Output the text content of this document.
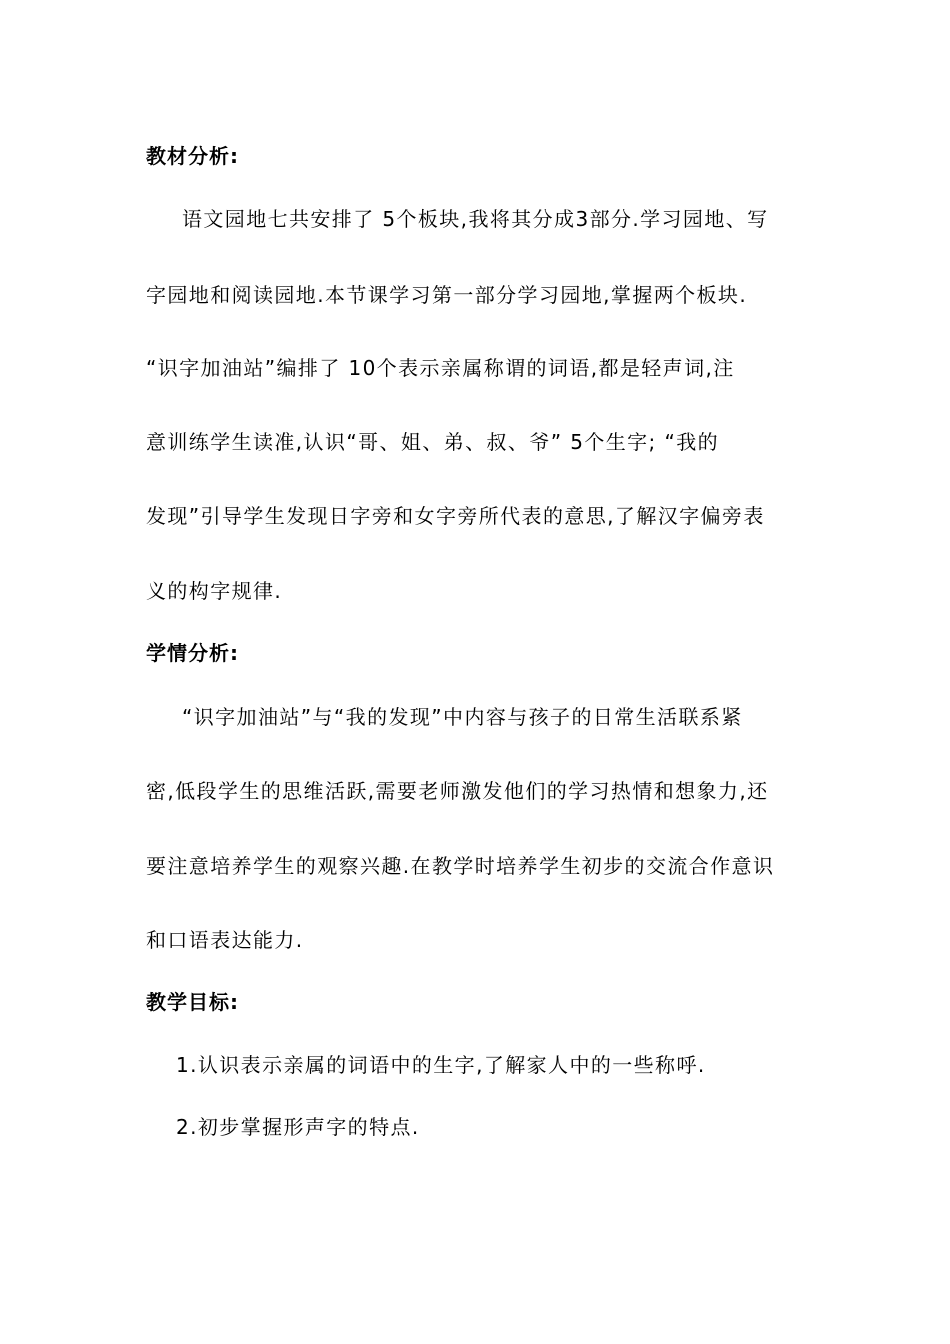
教材分析:
语文园地七共安排了 5个板块,我将其分成3部分.学习园地、写
字园地和阅读园地.本节课学习第一部分学习园地,掌握两个板块.
“识字加油站”编排了 10个表示亲属称谓的词语,都是轻声词,注
意训练学生读准,认识“哥、姐、弟、叔、爷” 5个生字; “我的
发现”引导学生发现日字旁和女字旁所代表的意思,了解汉字偏旁表
义的构字规律.
学情分析:
“识字加油站”与“我的发现”中内容与孩子的日常生活联系紧
密,低段学生的思维活跃,需要老师激发他们的学习热情和想象力,还
要注意培养学生的观察兴趣.在教学时培养学生初步的交流合作意识
和口语表达能力.
教学目标:
1.认识表示亲属的词语中的生字,了解家人中的一些称呼.
2.初步掌握形声字的特点.
